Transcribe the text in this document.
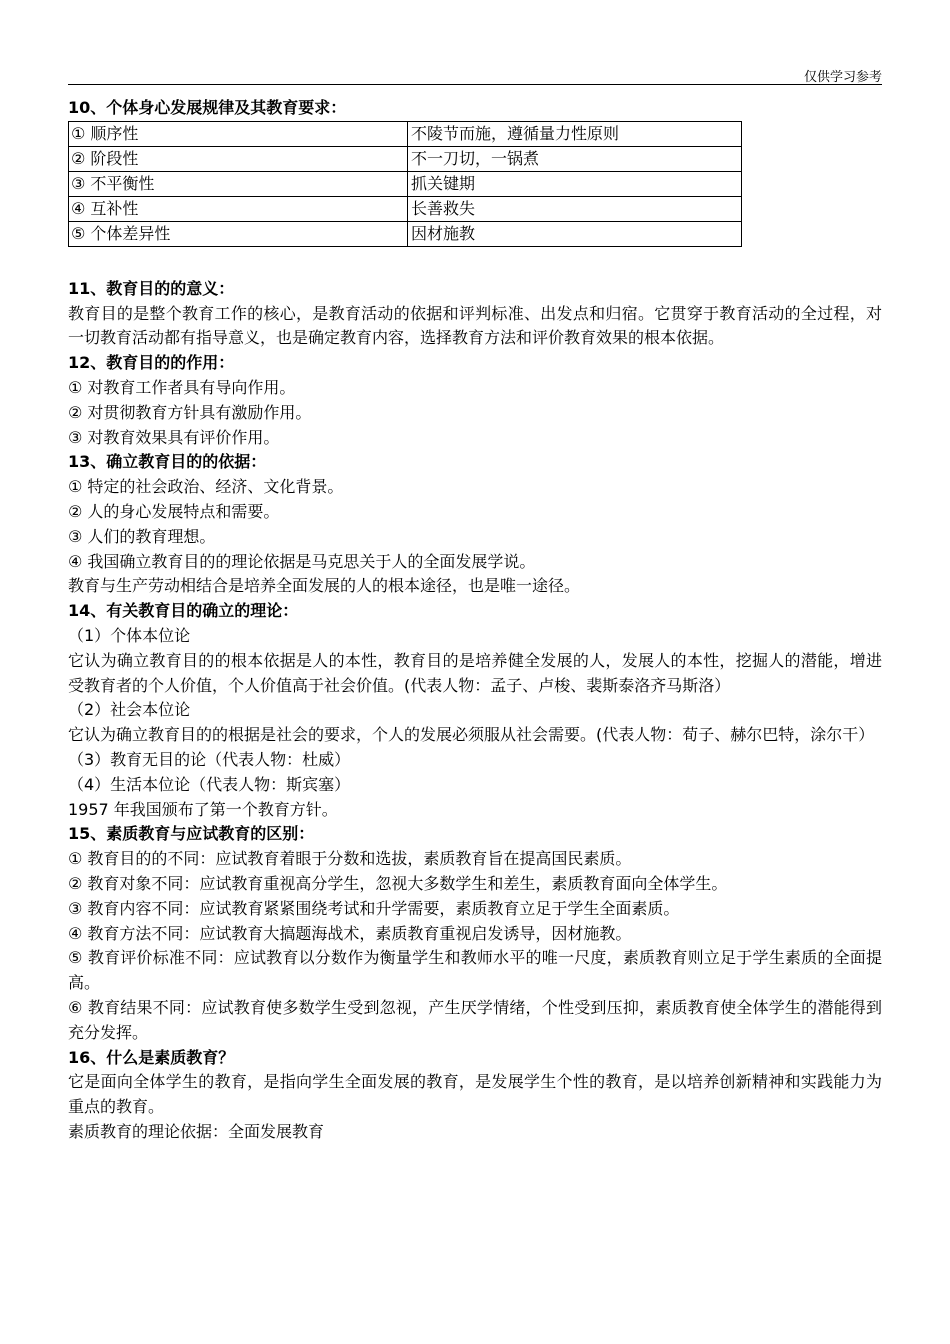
仅供学习参考
10、个体身心发展规律及其教育要求：
① 顺序性	不陵节而施，遵循量力性原则
② 阶段性	不一刀切，一锅煮
③ 不平衡性	抓关键期
④ 互补性	长善救失
⑤ 个体差异性	因材施教
11、教育目的的意义：
教育目的是整个教育工作的核心，是教育活动的依据和评判标准、出发点和归宿。它贯穿于教育活动的全过程，对一切教育活动都有指导意义，也是确定教育内容，选择教育方法和评价教育效果的根本依据。
12、教育目的的作用：
① 对教育工作者具有导向作用。
② 对贯彻教育方针具有激励作用。
③ 对教育效果具有评价作用。
13、确立教育目的的依据：
① 特定的社会政治、经济、文化背景。
② 人的身心发展特点和需要。
③ 人们的教育理想。
④ 我国确立教育目的的理论依据是马克思关于人的全面发展学说。
教育与生产劳动相结合是培养全面发展的人的根本途径，也是唯一途径。
14、有关教育目的确立的理论：
（1）个体本位论
它认为确立教育目的的根本依据是人的本性，教育目的是培养健全发展的人，发展人的本性，挖掘人的潜能，增进受教育者的个人价值，个人价值高于社会价值。(代表人物：孟子、卢梭、裴斯泰洛齐马斯洛）
（2）社会本位论
它认为确立教育目的的根据是社会的要求，个人的发展必须服从社会需要。(代表人物：荀子、赫尔巴特，涂尔干）
（3）教育无目的论（代表人物：杜威）
（4）生活本位论（代表人物：斯宾塞）
1957 年我国颁布了第一个教育方针。
15、素质教育与应试教育的区别：
① 教育目的的不同：应试教育着眼于分数和选拔，素质教育旨在提高国民素质。
② 教育对象不同：应试教育重视高分学生，忽视大多数学生和差生，素质教育面向全体学生。
③ 教育内容不同：应试教育紧紧围绕考试和升学需要，素质教育立足于学生全面素质。
④ 教育方法不同：应试教育大搞题海战术，素质教育重视启发诱导，因材施教。
⑤ 教育评价标准不同：应试教育以分数作为衡量学生和教师水平的唯一尺度，素质教育则立足于学生素质的全面提高。
⑥ 教育结果不同：应试教育使多数学生受到忽视，产生厌学情绪，个性受到压抑，素质教育使全体学生的潜能得到充分发挥。
16、什么是素质教育？
它是面向全体学生的教育，是指向学生全面发展的教育，是发展学生个性的教育，是以培养创新精神和实践能力为重点的教育。
素质教育的理论依据：全面发展教育
